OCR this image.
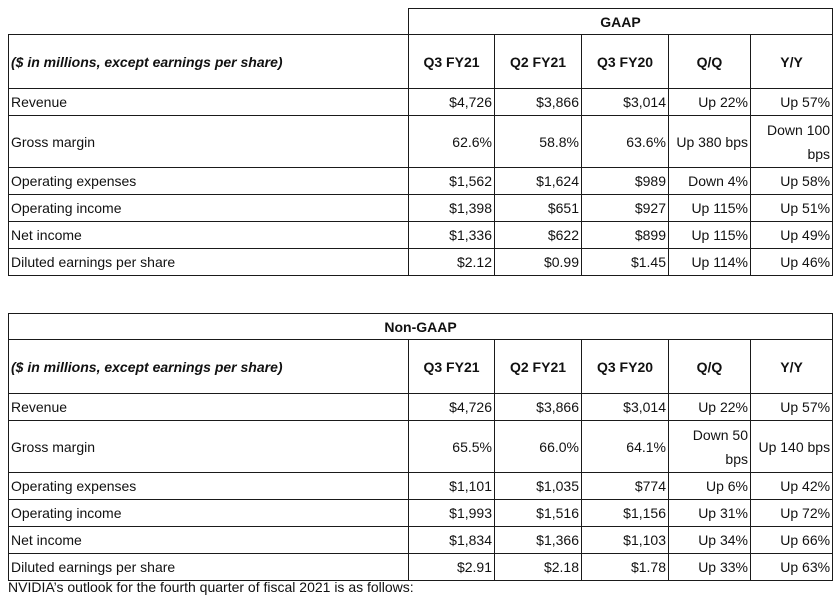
	GAAP				
($ in millions, except earnings per share)	Q3 FY21	Q2 FY21	Q3 FY20	Q/Q	Y/Y
Revenue	$4,726	$3,866	$3,014	Up 22%	Up 57%
Gross margin	62.6%	58.8%	63.6%	Up 380 bps	Down 100 bps
Operating expenses	$1,562	$1,624	$989	Down 4%	Up 58%
Operating income	$1,398	$651	$927	Up 115%	Up 51%
Net income	$1,336	$622	$899	Up 115%	Up 49%
Diluted earnings per share	$2.12	$0.99	$1.45	Up 114%	Up 46%
Non-GAAP					
($ in millions, except earnings per share)	Q3 FY21	Q2 FY21	Q3 FY20	Q/Q	Y/Y
Revenue	$4,726	$3,866	$3,014	Up 22%	Up 57%
Gross margin	65.5%	66.0%	64.1%	Down 50 bps	Up 140 bps
Operating expenses	$1,101	$1,035	$774	Up 6%	Up 42%
Operating income	$1,993	$1,516	$1,156	Up 31%	Up 72%
Net income	$1,834	$1,366	$1,103	Up 34%	Up 66%
Diluted earnings per share	$2.91	$2.18	$1.78	Up 33%	Up 63%
NVIDIA’s outlook for the fourth quarter of fiscal 2021 is as follows:
